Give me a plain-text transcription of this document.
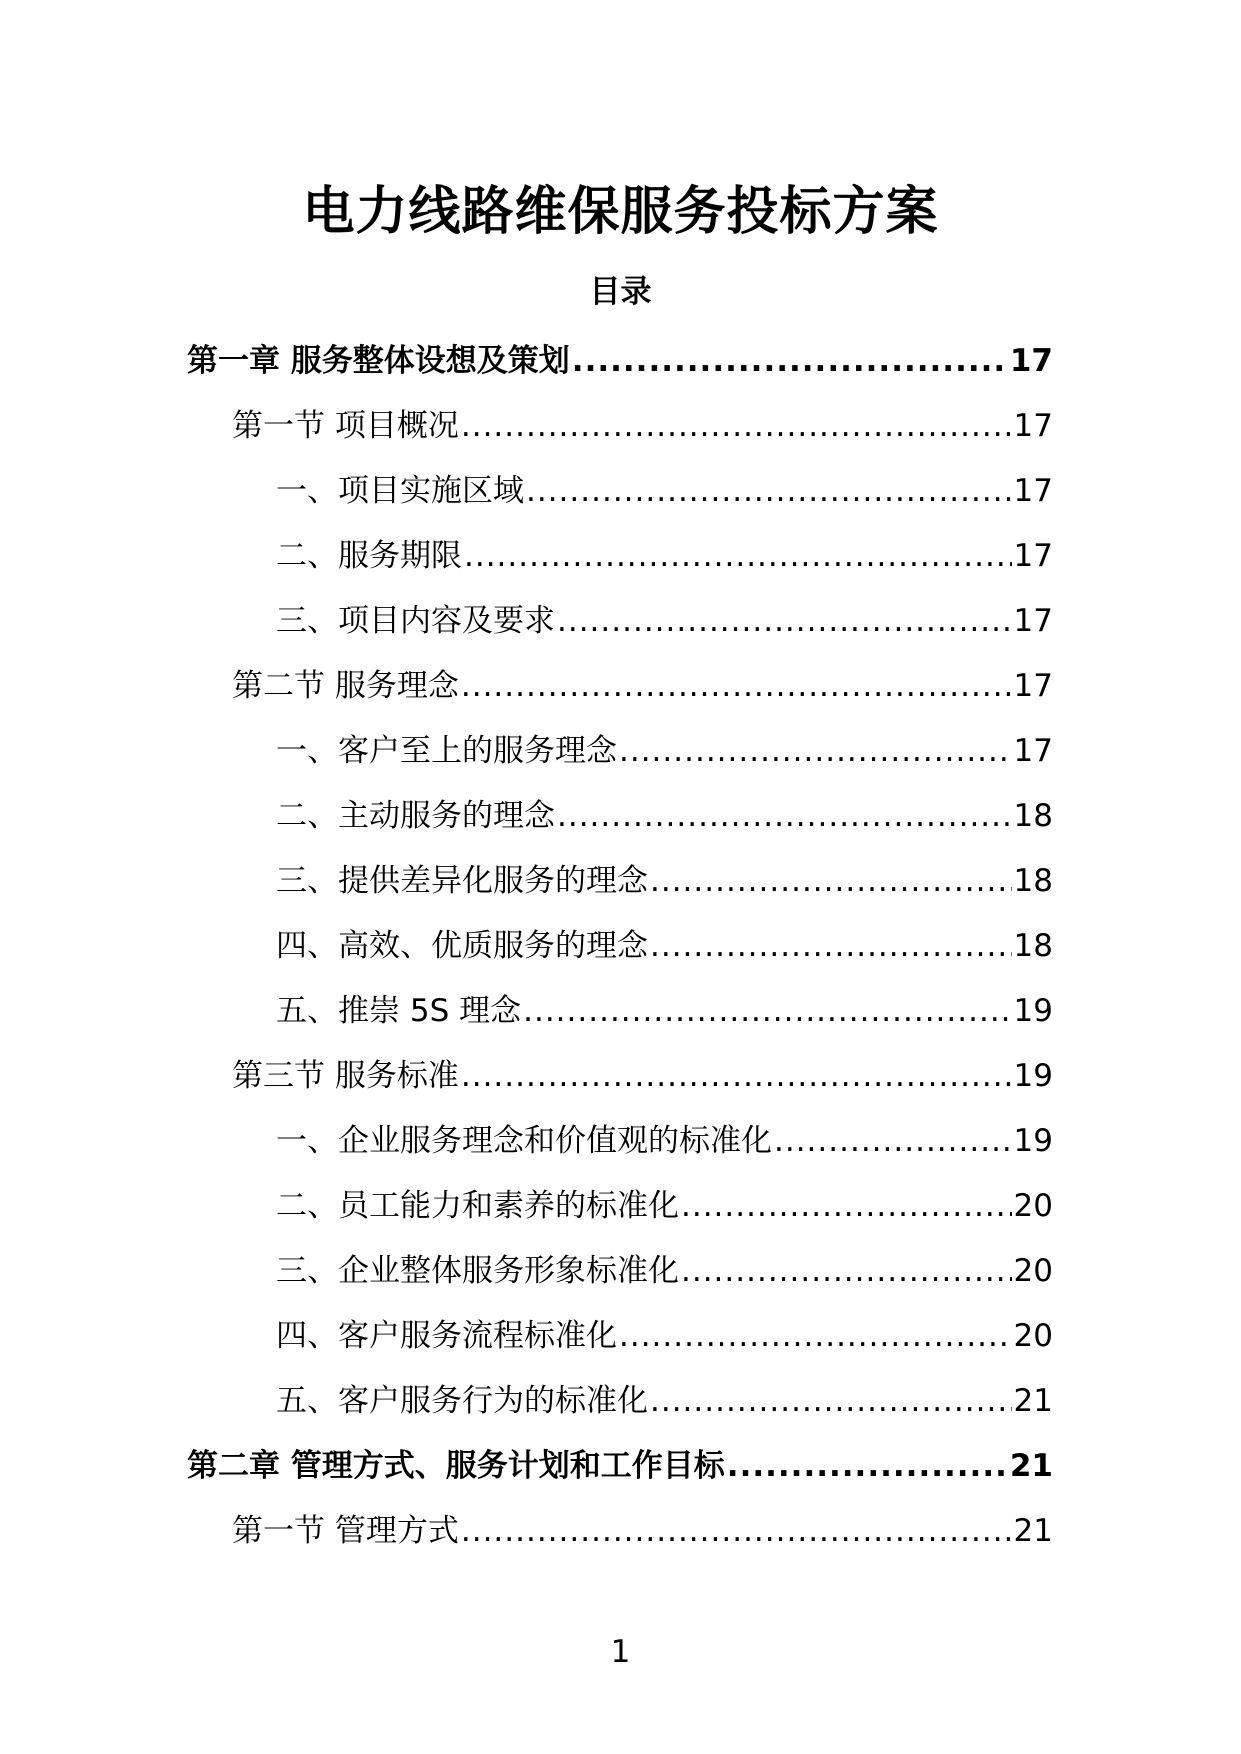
电力线路维保服务投标方案
目录
第一章 服务整体设想及策划 .....	17
第一节 项目概况 .....	17
一、项目实施区域 .....	17
二、服务期限 .....	17
三、项目内容及要求 .....	17
第二节 服务理念 .....	17
一、客户至上的服务理念 .....	17
二、主动服务的理念 .....	18
三、提供差异化服务的理念 .....	18
四、高效、优质服务的理念 .....	18
五、推崇 5S 理念 .....	19
第三节 服务标准 .....	19
一、企业服务理念和价值观的标准化 .....	19
二、员工能力和素养的标准化 .....	20
三、企业整体服务形象标准化 .....	20
四、客户服务流程标准化 .....	20
五、客户服务行为的标准化 .....	21
第二章 管理方式、服务计划和工作目标 .....	21
第一节 管理方式 .....	21
1
